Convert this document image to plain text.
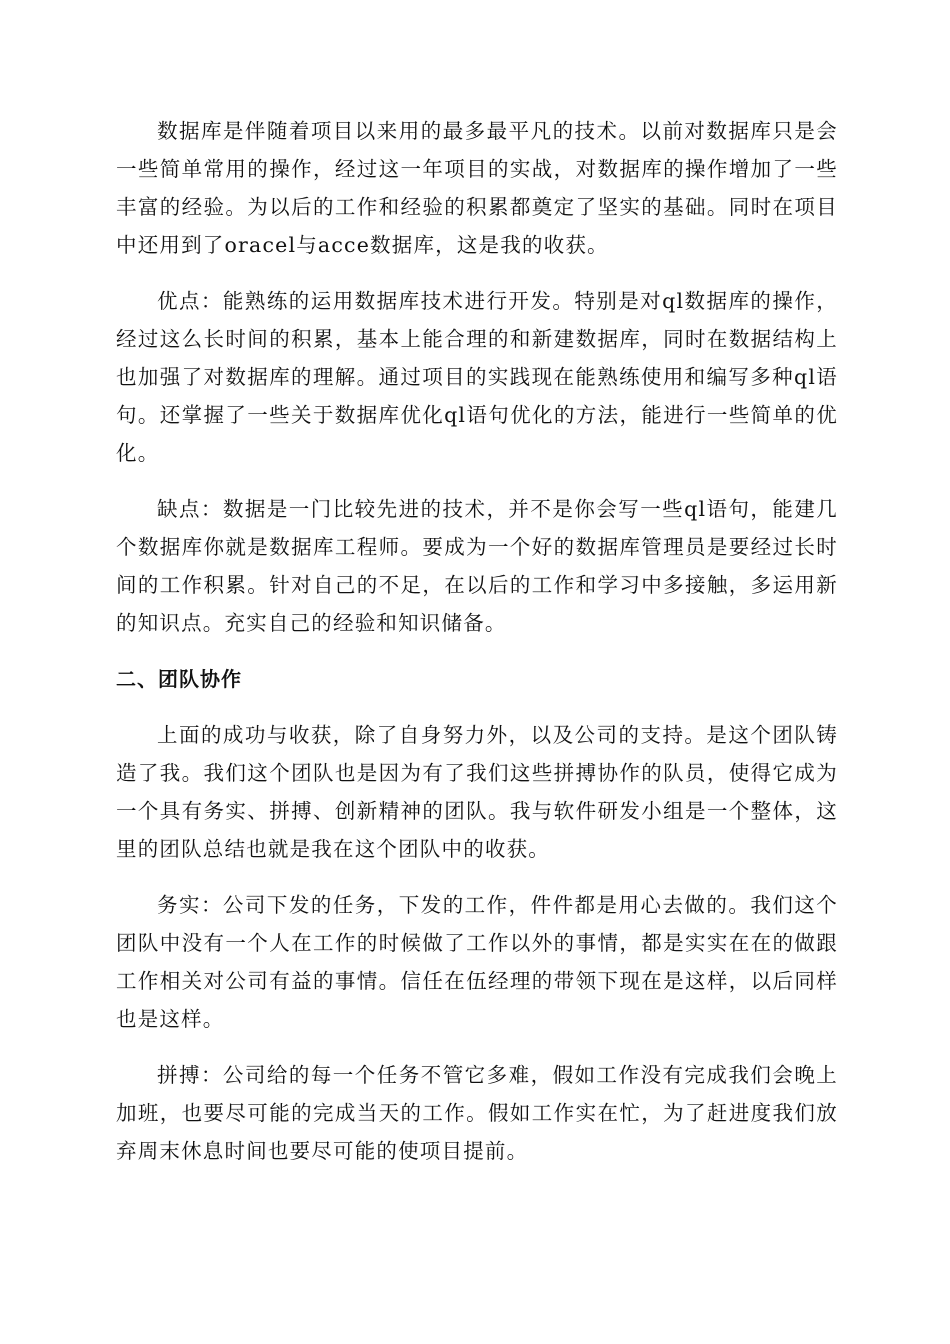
数据库是伴随着项目以来用的最多最平凡的技术。以前对数据库只是会一些简单常用的操作，经过这一年项目的实战，对数据库的操作增加了一些丰富的经验。为以后的工作和经验的积累都奠定了坚实的基础。同时在项目中还用到了oracel与acce数据库，这是我的收获。

优点：能熟练的运用数据库技术进行开发。特别是对ql数据库的操作，经过这么长时间的积累，基本上能合理的和新建数据库，同时在数据结构上也加强了对数据库的理解。通过项目的实践现在能熟练使用和编写多种ql语句。还掌握了一些关于数据库优化ql语句优化的方法，能进行一些简单的优化。

缺点：数据是一门比较先进的技术，并不是你会写一些ql语句，能建几个数据库你就是数据库工程师。要成为一个好的数据库管理员是要经过长时间的工作积累。针对自己的不足，在以后的工作和学习中多接触，多运用新的知识点。充实自己的经验和知识储备。

二、团队协作

上面的成功与收获，除了自身努力外，以及公司的支持。是这个团队铸造了我。我们这个团队也是因为有了我们这些拼搏协作的队员，使得它成为一个具有务实、拼搏、创新精神的团队。我与软件研发小组是一个整体，这里的团队总结也就是我在这个团队中的收获。

务实：公司下发的任务，下发的工作，件件都是用心去做的。我们这个团队中没有一个人在工作的时候做了工作以外的事情，都是实实在在的做跟工作相关对公司有益的事情。信任在伍经理的带领下现在是这样，以后同样也是这样。

拼搏：公司给的每一个任务不管它多难，假如工作没有完成我们会晚上加班，也要尽可能的完成当天的工作。假如工作实在忙，为了赶进度我们放弃周末休息时间也要尽可能的使项目提前。
